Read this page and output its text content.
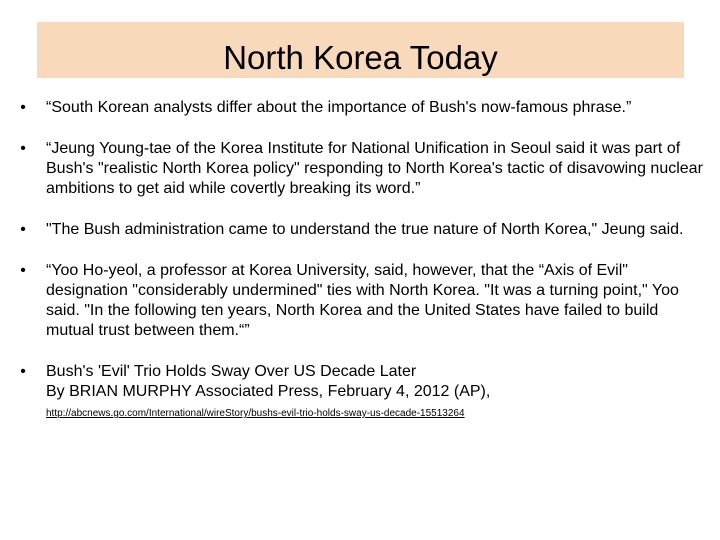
North Korea Today
• “South Korean analysts differ about the importance of Bush's now-famous phrase.”
• “Jeung Young-tae of the Korea Institute for National Unification in Seoul said it was part of Bush's "realistic North Korea policy" responding to North Korea's tactic of disavowing nuclear ambitions to get aid while covertly breaking its word.”
• "The Bush administration came to understand the true nature of North Korea," Jeung said.
• “Yoo Ho-yeol, a professor at Korea University, said, however, that the “Axis of Evil" designation "considerably undermined" ties with North Korea. "It was a turning point," Yoo said. "In the following ten years, North Korea and the United States have failed to build mutual trust between them.“”
• Bush's 'Evil' Trio Holds Sway Over US Decade Later
By BRIAN MURPHY Associated Press, February 4, 2012 (AP),
http://abcnews.go.com/International/wireStory/bushs-evil-trio-holds-sway-us-decade-15513264
